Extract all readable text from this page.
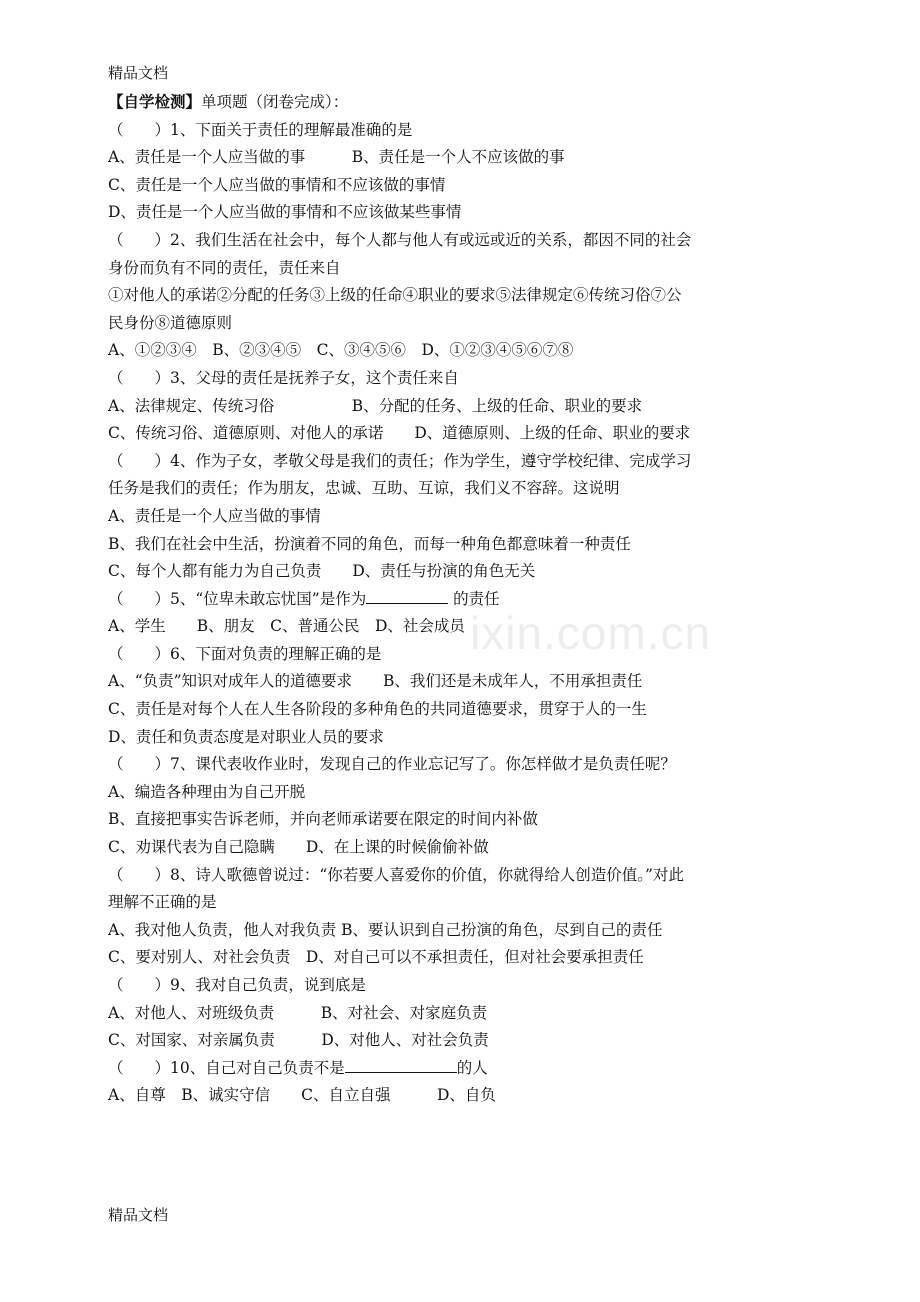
精品文档
ixin.com.cn
【自学检测】单项题（闭卷完成）：
（　　）1、下面关于责任的理解最准确的是
A、责任是一个人应当做的事　　　B、责任是一个人不应该做的事
C、责任是一个人应当做的事情和不应该做的事情
D、责任是一个人应当做的事情和不应该做某些事情
（　　）2、我们生活在社会中，每个人都与他人有或远或近的关系，都因不同的社会
身份而负有不同的责任，责任来自
①对他人的承诺②分配的任务③上级的任命④职业的要求⑤法律规定⑥传统习俗⑦公
民身份⑧道德原则
A、①②③④　B、②③④⑤　C、③④⑤⑥　D、①②③④⑤⑥⑦⑧
（　　）3、父母的责任是抚养子女，这个责任来自
A、法律规定、传统习俗　　　　　B、分配的任务、上级的任命、职业的要求
C、传统习俗、道德原则、对他人的承诺　　D、道德原则、上级的任命、职业的要求
（　　）4、作为子女，孝敬父母是我们的责任；作为学生，遵守学校纪律、完成学习
任务是我们的责任；作为朋友，忠诚、互助、互谅，我们义不容辞。这说明
A、责任是一个人应当做的事情
B、我们在社会中生活，扮演着不同的角色，而每一种角色都意味着一种责任
C、每个人都有能力为自己负责　　D、责任与扮演的角色无关
（　　）5、“位卑未敢忘忧国”是作为	的责任
A、学生　　B、朋友　C、普通公民　D、社会成员
（　　）6、下面对负责的理解正确的是
A、“负责”知识对成年人的道德要求　　B、我们还是未成年人，不用承担责任
C、责任是对每个人在人生各阶段的多种角色的共同道德要求，贯穿于人的一生
D、责任和负责态度是对职业人员的要求
（　　）7、课代表收作业时，发现自己的作业忘记写了。你怎样做才是负责任呢？
A、编造各种理由为自己开脱
B、直接把事实告诉老师，并向老师承诺要在限定的时间内补做
C、劝课代表为自己隐瞒　　D、在上课的时候偷偷补做
（　　）8、诗人歌德曾说过：“你若要人喜爱你的价值，你就得给人创造价值。”对此
理解不正确的是
A、我对他人负责，他人对我负责 B、要认识到自己扮演的角色，尽到自己的责任
C、要对别人、对社会负责　D、对自己可以不承担责任，但对社会要承担责任
（　　）9、我对自己负责，说到底是
A、对他人、对班级负责　　　B、对社会、对家庭负责
C、对国家、对亲属负责　　　D、对他人、对社会负责
（　　）10、自己对自己负责不是	的人
A、自尊　B、诚实守信　　C、自立自强　　　D、自负
精品文档
